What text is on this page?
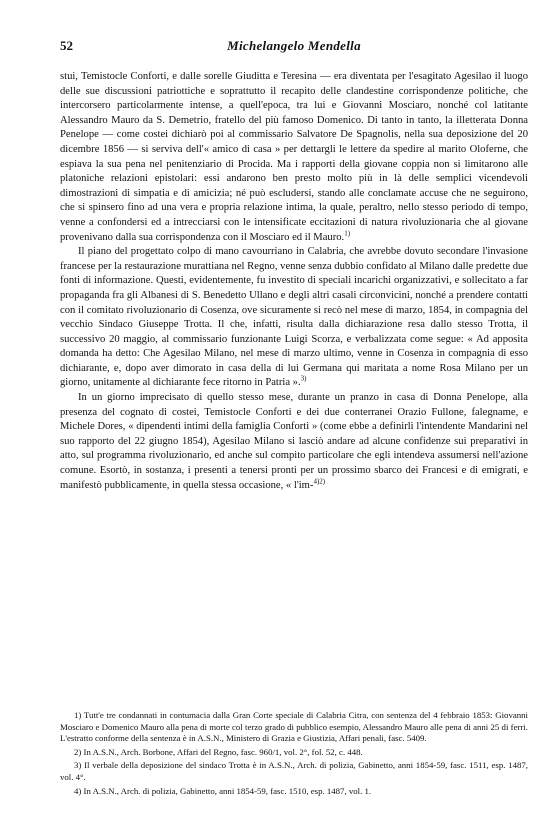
52	Michelangelo Mendella

stui, Temistocle Conforti, e dalle sorelle Giuditta e Teresina — era diventata per l'esagitato Agesilao il luogo delle sue discussioni patriottiche e soprattutto il recapito delle clandestine corrispondenze politiche, che intercorsero particolarmente intense, a quell'epoca, tra lui e Giovanni Mosciaro, nonché col latitante Alessandro Mauro da S. Demetrio, fratello del più famoso Domenico. Di tanto in tanto, la illetterata Donna Penelope — come costei dichiarò poi al commissario Salvatore De Spagnolis, nella sua deposizione del 20 dicembre 1856 — si serviva dell'« amico di casa » per dettargli le lettere da spedire al marito Oloferne, che espiava la sua pena nel penitenziario di Procida. Ma i rapporti della giovane coppia non si limitarono alle platoniche relazioni epistolari: essi andarono ben presto molto più in là delle semplici vicendevoli dimostrazioni di simpatia e di amicizia; né può escludersi, stando alle conclamate accuse che ne seguirono, che si spinsero fino ad una vera e propria relazione intima, la quale, peraltro, nello stesso periodo di tempo, venne a confondersi ed a intrecciarsi con le intensificate eccitazioni di natura rivoluzionaria che al giovane provenivano dalla sua corrispondenza con il Mosciaro ed il Mauro.$^{1)}$

Il piano del progettato colpo di mano cavourriano in Calabria, che avrebbe dovuto secondare l'invasione francese per la restaurazione murattiana nel Regno, venne senza dubbio confidato al Milano dalle predette due fonti di informazione. Questi, evidentemente, fu investito di speciali incarichi organizzativi, e sollecitato a far propaganda fra gli Albanesi di S. Benedetto Ullano e degli altri casali circonvicini, nonché a prendere contatti con il comitato rivoluzionario di Cosenza, ove sicuramente si recò nel mese di marzo, 1854, in compagnia del vecchio Sindaco Giuseppe Trotta. Il che, infatti, risulta dalla dichiarazione resa dallo stesso Trotta, il successivo 20 maggio, al commissario funzionante Luigi Scorza, e verbalizzata come segue: « Ad apposita domanda ha detto: Che Agesilao Milano, nel mese di marzo ultimo, venne in Cosenza in compagnia di esso dichiarante, e, dopo aver dimorato in casa della di lui Germana qui maritata a nome Rosa Milano per un giorno, unitamente al dichiarante fece ritorno in Patria ».$^{3)}$

In un giorno imprecisato di quello stesso mese, durante un pranzo in casa di Donna Penelope, alla presenza del cognato di costei, Temistocle Conforti e dei due conterranei Orazio Fullone, falegname, e Michele Dores, « dipendenti intimi della famiglia Conforti » (come ebbe a definirli l'intendente Mandarini nel suo rapporto del 22 giugno 1854), Agesilao Milano si lasciò andare ad alcune confidenze sui preparativi in atto, sul programma rivoluzionario, ed anche sul compito particolare che egli intendeva assumersi nell'azione comune. Esortò, in sostanza, i presenti a tenersi pronti per un prossimo sbarco dei Francesi e di emigrati, e manifestò pubblicamente, in quella stessa occasione, « l'im-$^{4)2)}$

1) Tutt'e tre condannati in contumacia dalla Gran Corte speciale di Calabria Citra, con sentenza del 4 febbraio 1853: Giovanni Mosciaro e Domenico Mauro alla pena di morte col terzo grado di pubblico esempio, Alessandro Mauro alle pena di anni 25 di ferri. L'estratto conforme della sentenza è in A.S.N., Ministero di Grazia e Giustizia, Affari penali, fasc. 5409.

2) In A.S.N., Arch. Borbone, Affari del Regno, fasc. 960/1, vol. 2°, fol. 52, c. 448.

3) Il verbale della deposizione del sindaco Trotta è in A.S.N., Arch. di polizia, Gabinetto, anni 1854-59, fasc. 1511, esp. 1487, vol. 4°.

4) In A.S.N., Arch. di polizia, Gabinetto, anni 1854-59, fasc. 1510, esp. 1487, vol. 1.
